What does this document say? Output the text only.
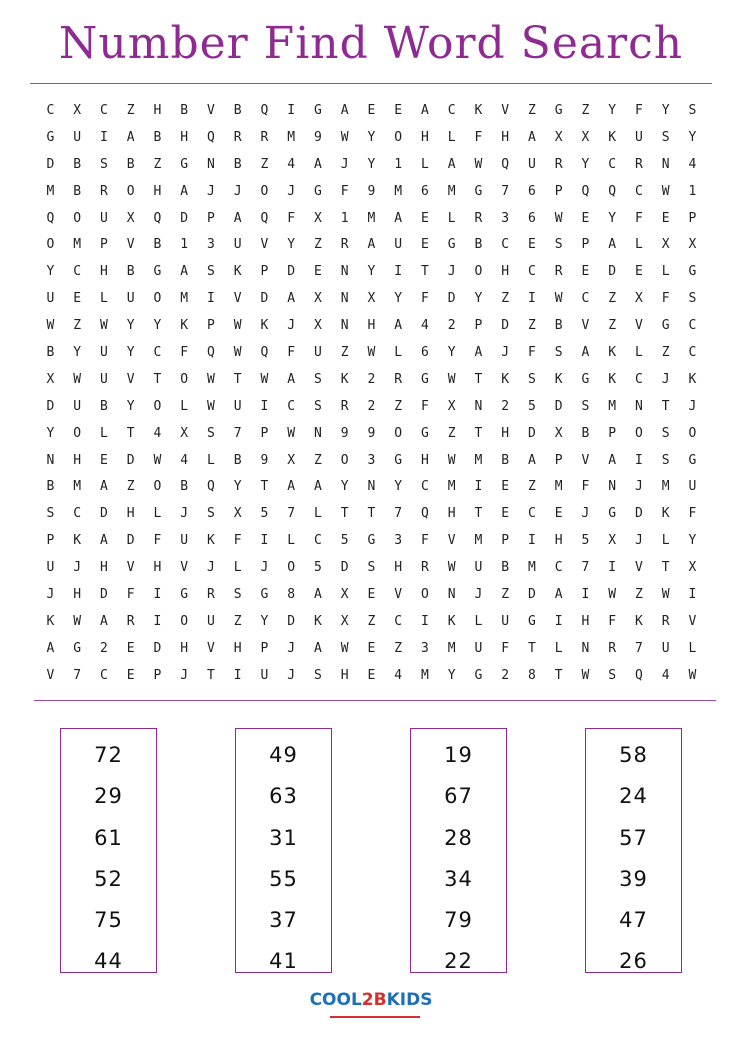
Number Find Word Search
C	X	C	Z	H	B	V	B	Q	I	G	A	E	E	A	C	K	V	Z	G	Z	Y	F	Y	S
G	U	I	A	B	H	Q	R	R	M	9	W	Y	O	H	L	F	H	A	X	X	K	U	S	Y
D	B	S	B	Z	G	N	B	Z	4	A	J	Y	1	L	A	W	Q	U	R	Y	C	R	N	4
M	B	R	O	H	A	J	J	O	J	G	F	9	M	6	M	G	7	6	P	Q	Q	C	W	1
Q	O	U	X	Q	D	P	A	Q	F	X	1	M	A	E	L	R	3	6	W	E	Y	F	E	P
O	M	P	V	B	1	3	U	V	Y	Z	R	A	U	E	G	B	C	E	S	P	A	L	X	X
Y	C	H	B	G	A	S	K	P	D	E	N	Y	I	T	J	O	H	C	R	E	D	E	L	G
U	E	L	U	O	M	I	V	D	A	X	N	X	Y	F	D	Y	Z	I	W	C	Z	X	F	S
W	Z	W	Y	Y	K	P	W	K	J	X	N	H	A	4	2	P	D	Z	B	V	Z	V	G	C
B	Y	U	Y	C	F	Q	W	Q	F	U	Z	W	L	6	Y	A	J	F	S	A	K	L	Z	C
X	W	U	V	T	O	W	T	W	A	S	K	2	R	G	W	T	K	S	K	G	K	C	J	K
D	U	B	Y	O	L	W	U	I	C	S	R	2	Z	F	X	N	2	5	D	S	M	N	T	J
Y	O	L	T	4	X	S	7	P	W	N	9	9	O	G	Z	T	H	D	X	B	P	O	S	O
N	H	E	D	W	4	L	B	9	X	Z	O	3	G	H	W	M	B	A	P	V	A	I	S	G
B	M	A	Z	O	B	Q	Y	T	A	A	Y	N	Y	C	M	I	E	Z	M	F	N	J	M	U
S	C	D	H	L	J	S	X	5	7	L	T	T	7	Q	H	T	E	C	E	J	G	D	K	F
P	K	A	D	F	U	K	F	I	L	C	5	G	3	F	V	M	P	I	H	5	X	J	L	Y
U	J	H	V	H	V	J	L	J	O	5	D	S	H	R	W	U	B	M	C	7	I	V	T	X
J	H	D	F	I	G	R	S	G	8	A	X	E	V	O	N	J	Z	D	A	I	W	Z	W	I
K	W	A	R	I	O	U	Z	Y	D	K	X	Z	C	I	K	L	U	G	I	H	F	K	R	V
A	G	2	E	D	H	V	H	P	J	A	W	E	Z	3	M	U	F	T	L	N	R	7	U	L
V	7	C	E	P	J	T	I	U	J	S	H	E	4	M	Y	G	2	8	T	W	S	Q	4	W
72
29
61
52
75
44
49
63
31
55
37
41
19
67
28
34
79
22
58
24
57
39
47
26
COOL2BKIDS
